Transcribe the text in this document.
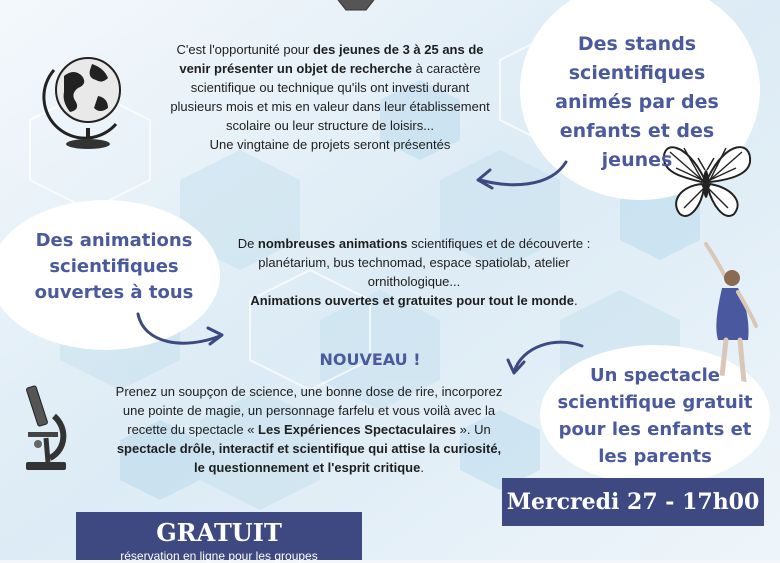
Des stands
scientifiques
animés par des
enfants et des
jeunes
C'est l'opportunité pour des jeunes de 3 à 25 ans de
venir présenter un objet de recherche à caractère
scientifique ou technique qu'ils ont investi durant
plusieurs mois et mis en valeur dans leur établissement
scolaire ou leur structure de loisirs...
Une vingtaine de projets seront présentés
Des animations
scientifiques
ouvertes à tous
De nombreuses animations scientifiques et de découverte :
planétarium, bus technomad, espace spatiolab, atelier
ornithologique...
Animations ouvertes et gratuites pour tout le monde.
NOUVEAU !
Prenez un soupçon de science, une bonne dose de rire, incorporez
une pointe de magie, un personnage farfelu et vous voilà avec la
recette du spectacle « Les Expériences Spectaculaires ». Un
spectacle drôle, interactif et scientifique qui attise la curiosité,
le questionnement et l'esprit critique.
Un spectacle
scientifique gratuit
pour les enfants et
les parents
Mercredi 27 - 17h00
GRATUIT
réservation en ligne pour les groupes
